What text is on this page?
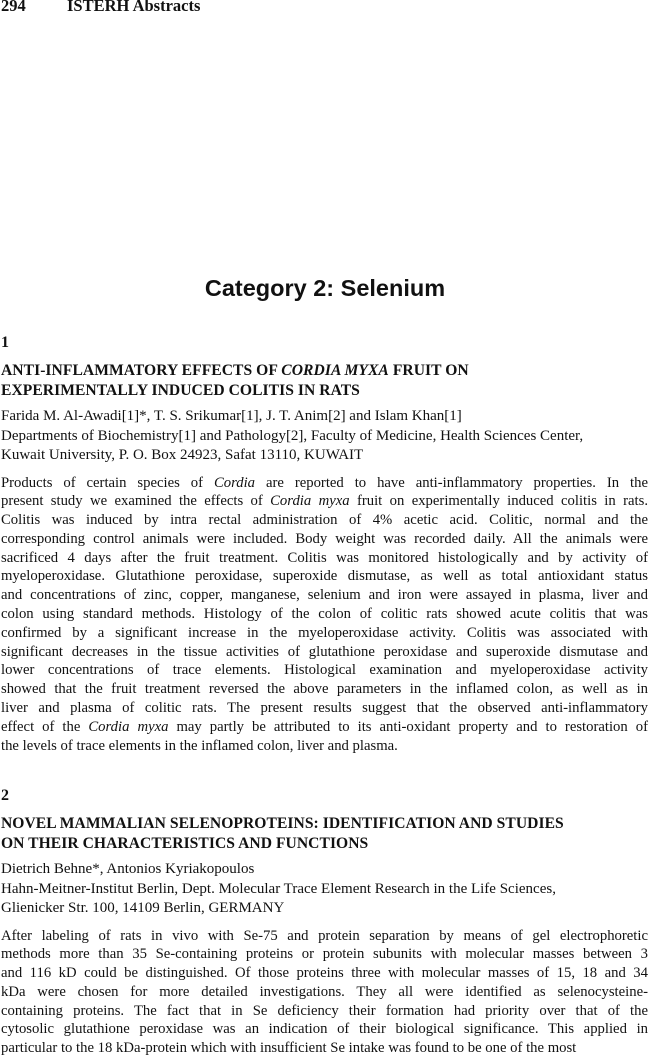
294	ISTERH Abstracts
Category 2: Selenium
1
ANTI-INFLAMMATORY EFFECTS OF CORDIA MYXA FRUIT ON
EXPERIMENTALLY INDUCED COLITIS IN RATS
Farida M. Al-Awadi[1]*, T. S. Srikumar[1], J. T. Anim[2] and Islam Khan[1]
Departments of Biochemistry[1] and Pathology[2], Faculty of Medicine, Health Sciences Center,
Kuwait University, P. O. Box 24923, Safat 13110, KUWAIT
Products of certain species of Cordia are reported to have anti-inflammatory properties. In the
present study we examined the effects of Cordia myxa fruit on experimentally induced colitis in rats.
Colitis was induced by intra rectal administration of 4% acetic acid. Colitic, normal and the
corresponding control animals were included. Body weight was recorded daily. All the animals were
sacrificed 4 days after the fruit treatment. Colitis was monitored histologically and by activity of
myeloperoxidase. Glutathione peroxidase, superoxide dismutase, as well as total antioxidant status
and concentrations of zinc, copper, manganese, selenium and iron were assayed in plasma, liver and
colon using standard methods. Histology of the colon of colitic rats showed acute colitis that was
confirmed by a significant increase in the myeloperoxidase activity. Colitis was associated with
significant decreases in the tissue activities of glutathione peroxidase and superoxide dismutase and
lower concentrations of trace elements. Histological examination and myeloperoxidase activity
showed that the fruit treatment reversed the above parameters in the inflamed colon, as well as in
liver and plasma of colitic rats. The present results suggest that the observed anti-inflammatory
effect of the Cordia myxa may partly be attributed to its anti-oxidant property and to restoration of
the levels of trace elements in the inflamed colon, liver and plasma.
2
NOVEL MAMMALIAN SELENOPROTEINS: IDENTIFICATION AND STUDIES
ON THEIR CHARACTERISTICS AND FUNCTIONS
Dietrich Behne*, Antonios Kyriakopoulos
Hahn-Meitner-Institut Berlin, Dept. Molecular Trace Element Research in the Life Sciences,
Glienicker Str. 100, 14109 Berlin, GERMANY
After labeling of rats in vivo with Se-75 and protein separation by means of gel electrophoretic
methods more than 35 Se-containing proteins or protein subunits with molecular masses between 3
and 116 kD could be distinguished. Of those proteins three with molecular masses of 15, 18 and 34
kDa were chosen for more detailed investigations. They all were identified as selenocysteine-
containing proteins. The fact that in Se deficiency their formation had priority over that of the
cytosolic glutathione peroxidase was an indication of their biological significance. This applied in
particular to the 18 kDa-protein which with insufficient Se intake was found to be one of the most
